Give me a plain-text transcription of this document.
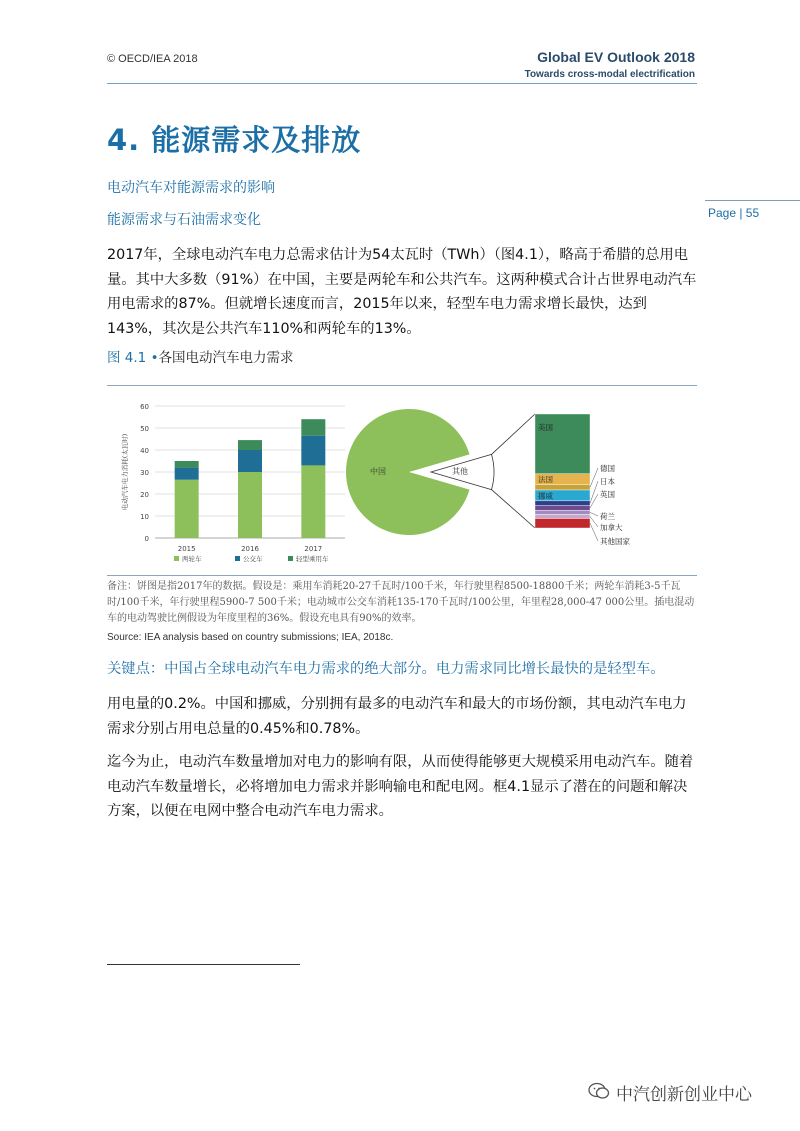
© OECD/IEA 2018	Global EV Outlook 2018
Towards cross-modal electrification
4. 能源需求及排放
电动汽车对能源需求的影响
能源需求与石油需求变化	Page | 55
2017年，全球电动汽车电力总需求估计为54太瓦时（TWh）（图4.1），略高于希腊的总用电量。其中大多数（91%）在中国，主要是两轮车和公共汽车。这两种模式合计占世界电动汽车用电需求的87%。但就增长速度而言，2015年以来，轻型车电力需求增长最快，达到143%，其次是公共汽车110%和两轮车的13%。
图 4.1 •各国电动汽车电力需求
0
10
20
30
40
50
60
电动汽车电力消耗(太瓦时)
2015	2016	2017
两轮车	公交车	轻型乘用车
中国	其他
美国
法国
德国
挪威
日本
英国
荷兰
加拿大
其他国家
备注：饼图是指2017年的数据。假设是：乘用车消耗20-27千瓦时/100千米，年行驶里程8500-18800千米；两轮车消耗3-5千瓦时/100千米，年行驶里程5900-7 500千米；电动城市公交车消耗135-170千瓦时/100公里，年里程28,000-47 000公里。插电混动车的电动驾驶比例假设为年度里程的36%。假设充电具有90%的效率。
Source: IEA analysis based on country submissions; IEA, 2018c.
关键点：中国占全球电动汽车电力需求的绝大部分。电力需求同比增长最快的是轻型车。
用电量的0.2%。中国和挪威，分别拥有最多的电动汽车和最大的市场份额，其电动汽车电力需求分别占用电总量的0.45%和0.78%。
迄今为止，电动汽车数量增加对电力的影响有限，从而使得能够更大规模采用电动汽车。随着电动汽车数量增长，必将增加电力需求并影响输电和配电网。框4.1显示了潜在的问题和解决方案，以便在电网中整合电动汽车电力需求。
中汽创新创业中心
